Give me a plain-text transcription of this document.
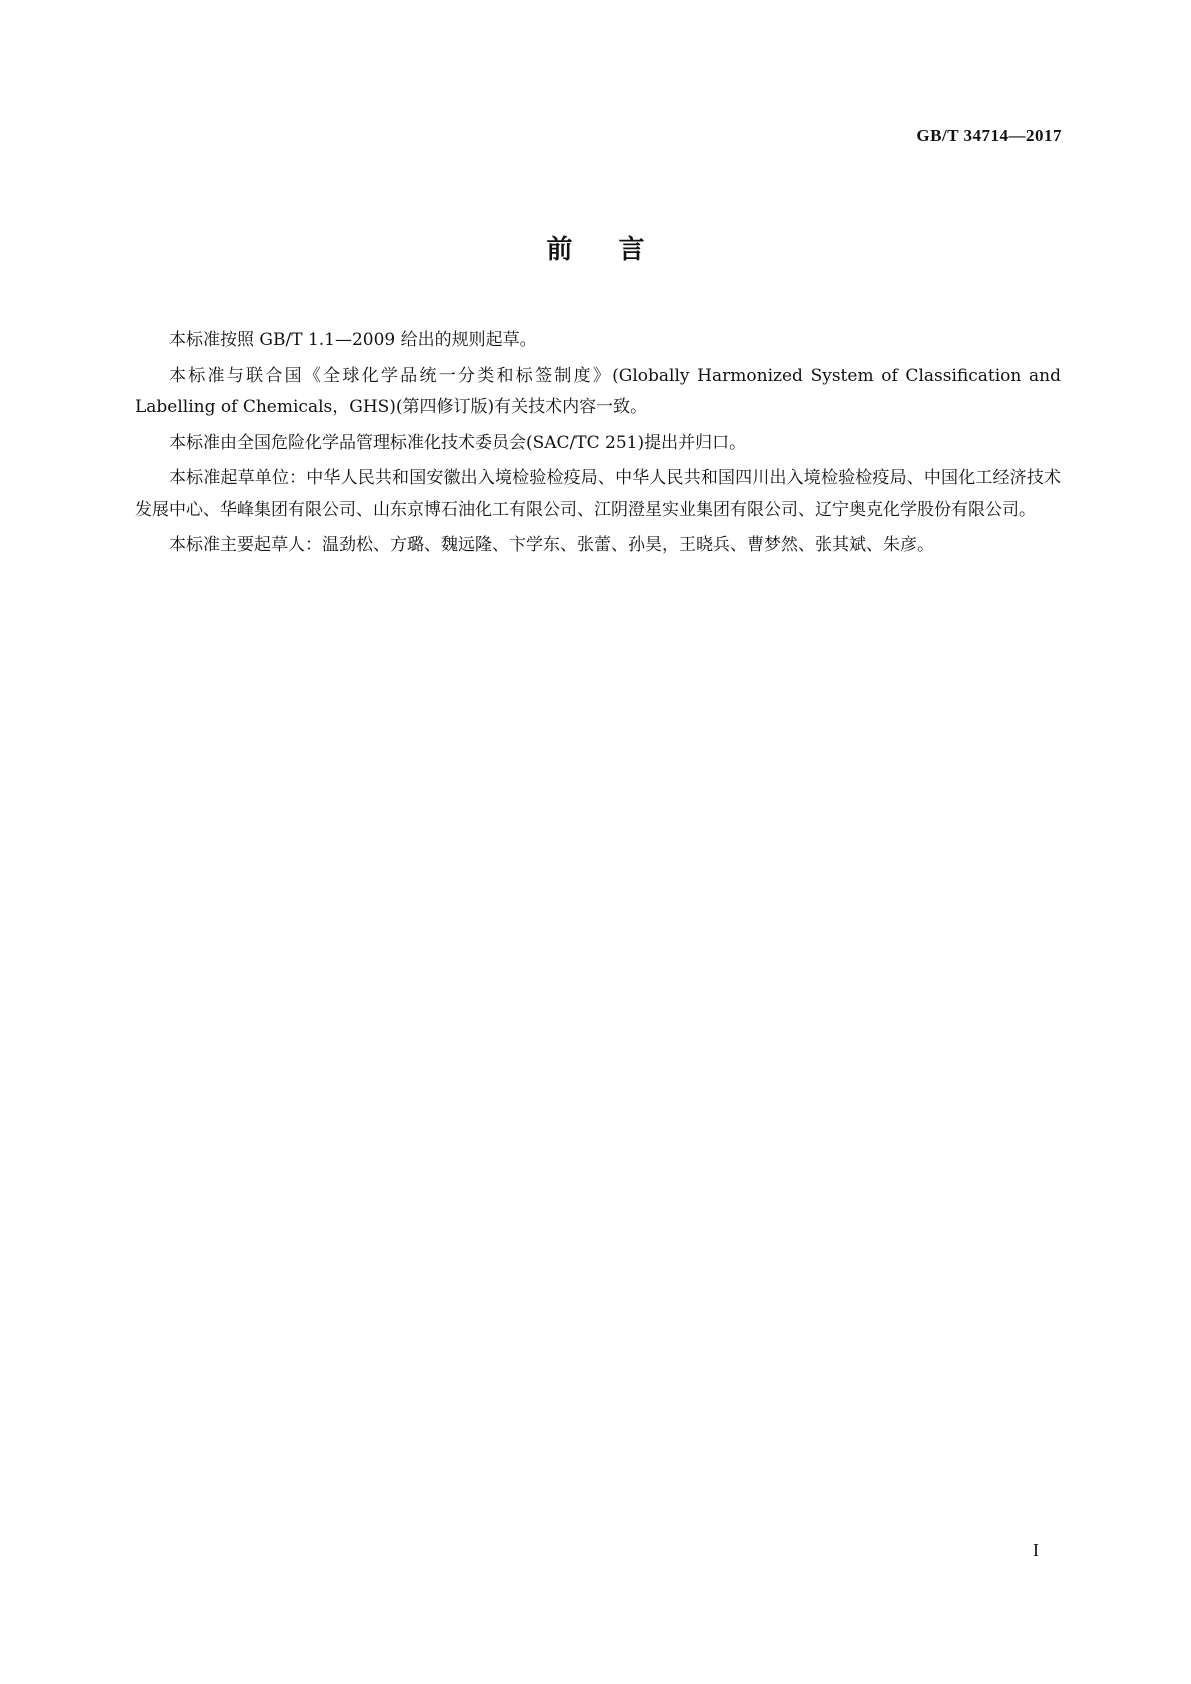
GB/T 34714—2017
前言

本标准按照 GB/T 1.1—2009 给出的规则起草。

本标准与联合国《全球化学品统一分类和标签制度》(Globally Harmonized System of Classification and Labelling of Chemicals，GHS)(第四修订版)有关技术内容一致。

本标准由全国危险化学品管理标准化技术委员会(SAC/TC 251)提出并归口。

本标准起草单位：中华人民共和国安徽出入境检验检疫局、中华人民共和国四川出入境检验检疫局、中国化工经济技术发展中心、华峰集团有限公司、山东京博石油化工有限公司、江阴澄星实业集团有限公司、辽宁奥克化学股份有限公司。

本标准主要起草人：温劲松、方璐、魏远隆、卞学东、张蕾、孙昊，王晓兵、曹梦然、张其斌、朱彦。

I
